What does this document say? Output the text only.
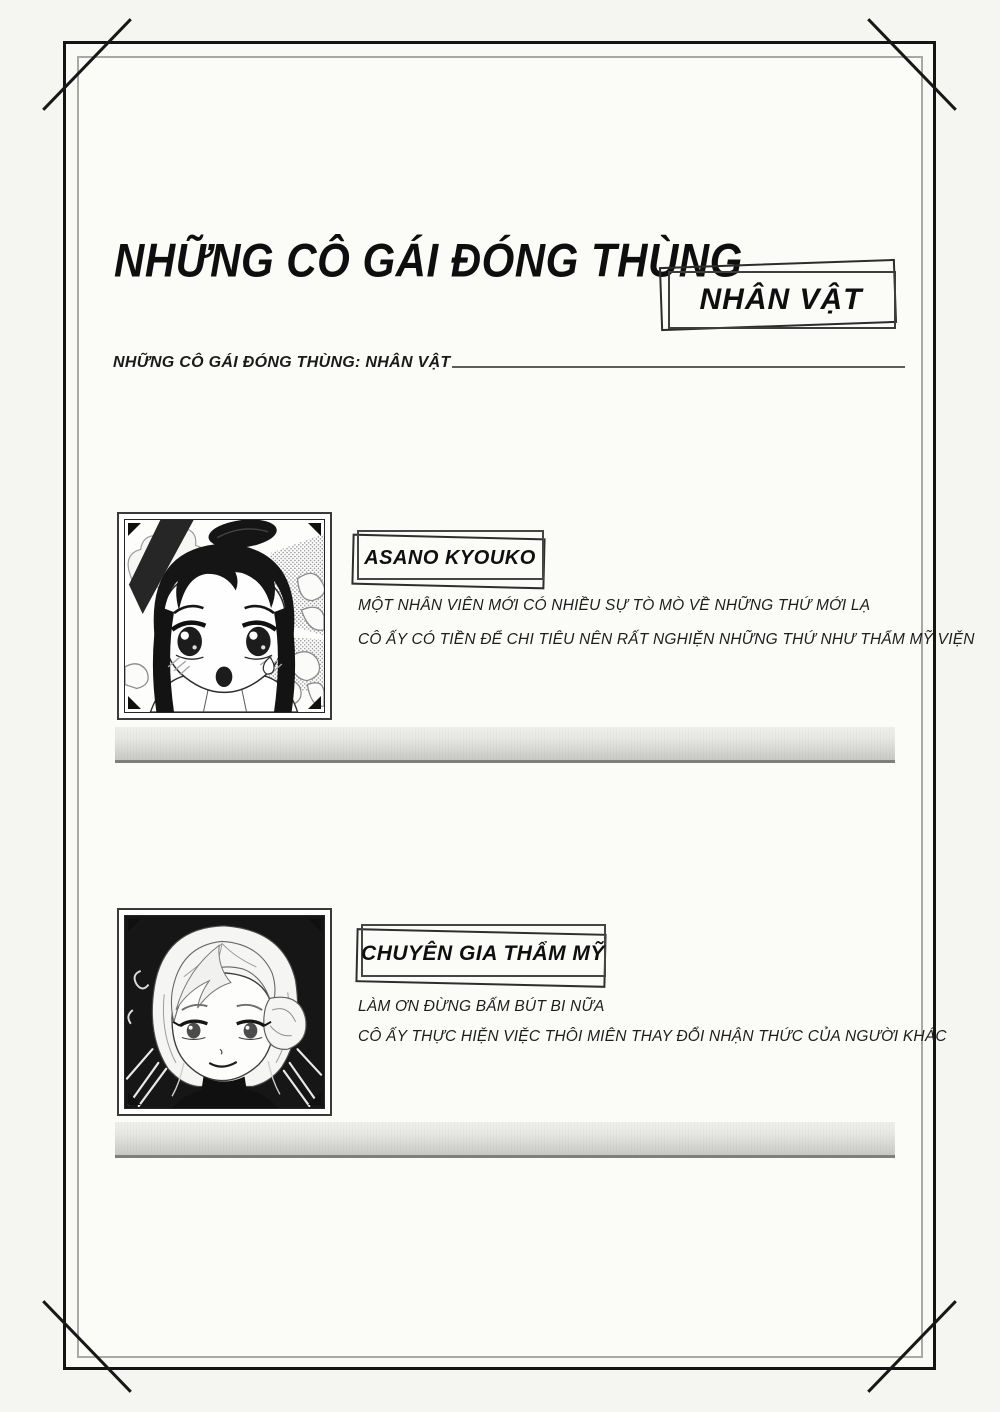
NHỮNG CÔ GÁI ĐÓNG THÙNG
NHÂN VẬT
NHỮNG CÔ GÁI ĐÓNG THÙNG: NHÂN VẬT
ASANO KYOUKO
MỘT NHÂN VIÊN MỚI CÓ NHIỀU SỰ TÒ MÒ VỀ NHỮNG THỨ MỚI LẠ
CÔ ẤY CÓ TIỀN ĐỂ CHI TIÊU NÊN RẤT NGHIỆN NHỮNG THỨ NHƯ THẨM MỸ VIỆN
CHUYÊN GIA THẨM MỸ
LÀM ƠN ĐỪNG BẤM BÚT BI NỮA
CÔ ẤY THỰC HIỆN VIỆC THÔI MIÊN THAY ĐỔI NHẬN THỨC CỦA NGƯỜI KHÁC
